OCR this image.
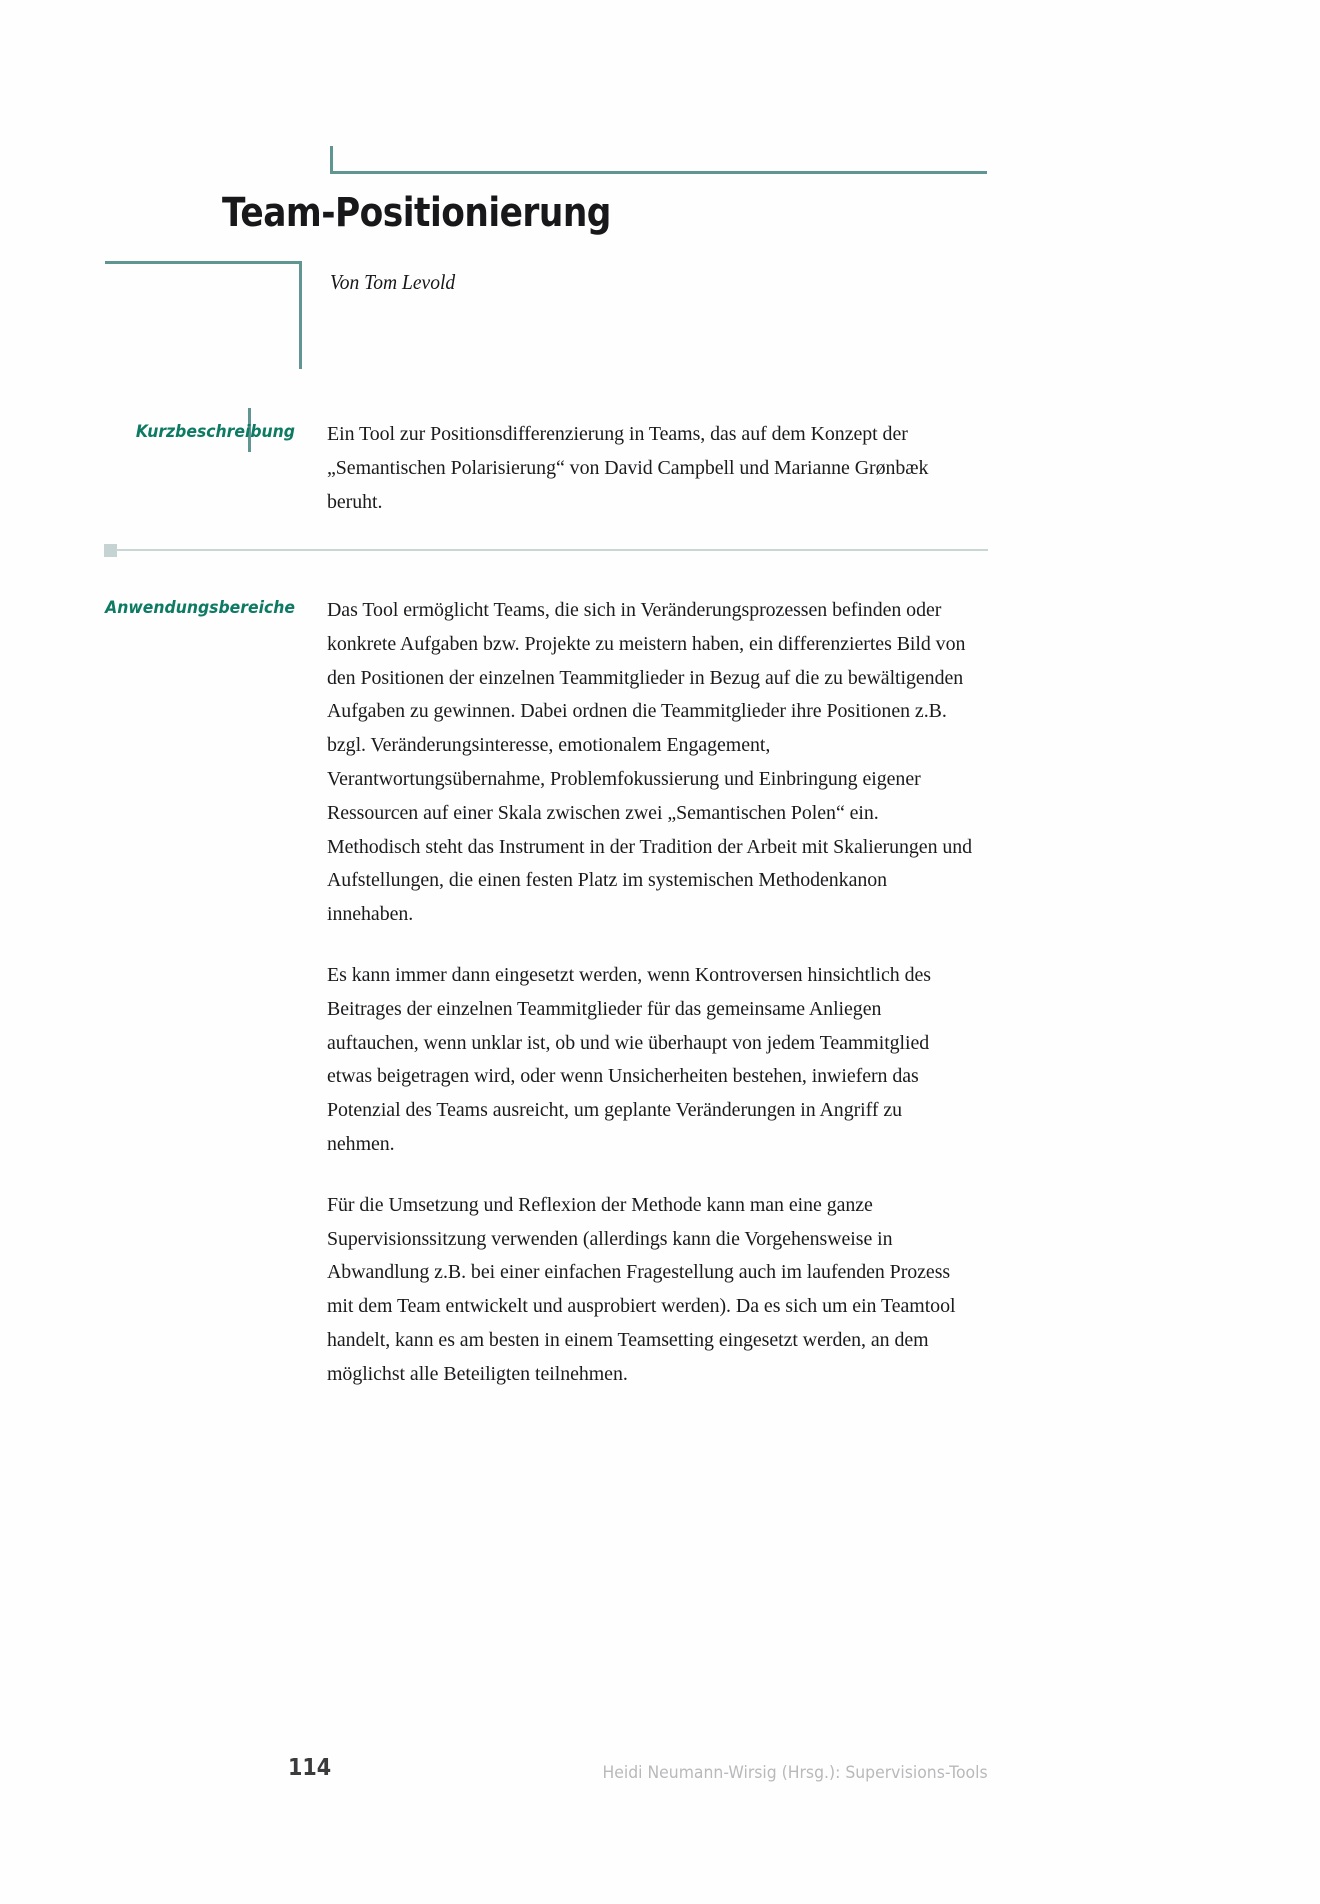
Team-Positionierung
Von Tom Levold
Kurzbeschreibung Ein Tool zur Positionsdifferenzierung in Teams, das auf dem Konzept der „Semantischen Polarisierung“ von David Campbell und Marianne Grønbæk beruht.

Anwendungsbereiche Das Tool ermöglicht Teams, die sich in Veränderungsprozessen befinden oder konkrete Aufgaben bzw. Projekte zu meistern haben, ein differenziertes Bild von den Positionen der einzelnen Teammitglieder in Bezug auf die zu bewältigenden Aufgaben zu gewinnen. Dabei ordnen die Teammitglieder ihre Positionen z.B. bzgl. Veränderungsinteresse, emotionalem Engagement, Verantwortungsübernahme, Problemfokussierung und Einbringung eigener Ressourcen auf einer Skala zwischen zwei „Semantischen Polen“ ein. Methodisch steht das Instrument in der Tradition der Arbeit mit Skalierungen und Aufstellungen, die einen festen Platz im systemischen Methodenkanon innehaben.

Es kann immer dann eingesetzt werden, wenn Kontroversen hinsichtlich des Beitrages der einzelnen Teammitglieder für das gemeinsame Anliegen auftauchen, wenn unklar ist, ob und wie überhaupt von jedem Teammitglied etwas beigetragen wird, oder wenn Unsicherheiten bestehen, inwiefern das Potenzial des Teams ausreicht, um geplante Veränderungen in Angriff zu nehmen.

Für die Umsetzung und Reflexion der Methode kann man eine ganze Supervisionssitzung verwenden (allerdings kann die Vorgehensweise in Abwandlung z.B. bei einer einfachen Fragestellung auch im laufenden Prozess mit dem Team entwickelt und ausprobiert werden). Da es sich um ein Teamtool handelt, kann es am besten in einem Teamsetting eingesetzt werden, an dem möglichst alle Beteiligten teilnehmen.

114	Heidi Neumann-Wirsig (Hrsg.): Supervisions-Tools
